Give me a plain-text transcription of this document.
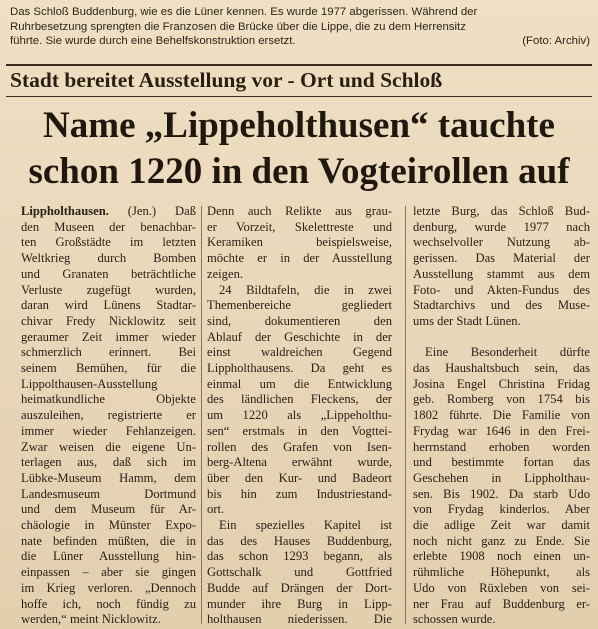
Das Schloß Buddenburg, wie es die Lüner kennen. Es wurde 1977 abgerissen. Während der
Ruhrbesetzung sprengten die Franzosen die Brücke über die Lippe, die zu dem Herrensitz
führte. Sie wurde durch eine Behelfskonstruktion ersetzt.	(Foto: Archiv)
Stadt bereitet Ausstellung vor - Ort und Schloß
Name „Lippeholthusen“ tauchte
schon 1220 in den Vogteirollen auf
Lippholthausen. (Jen.) Daß
den Museen der benachbar-
ten Großstädte im letzten
Weltkrieg durch Bomben
und Granaten beträchtliche
Verluste zugefügt wurden,
daran wird Lünens Stadtar-
chivar Fredy Nicklowitz seit
geraumer Zeit immer wieder
schmerzlich erinnert. Bei
seinem Bemühen, für die
Lippolthausen-Ausstellung
heimatkundliche Objekte
auszuleihen, registrierte er
immer wieder Fehlanzeigen.
Zwar weisen die eigene Un-
terlagen aus, daß sich im
Lübke-Museum Hamm, dem
Landesmuseum Dortmund
und dem Museum für Ar-
chäologie in Münster Expo-
nate befinden müßten, die in
die Lüner Ausstellung hin-
einpassen – aber sie gingen
im Krieg verloren. „Dennoch
hoffe ich, noch fündig zu
werden,“ meint Nicklowitz.
Denn auch Relikte aus grau-
er Vorzeit, Skelettreste und
Keramiken beispielsweise,
möchte er in der Ausstellung
zeigen.
24 Bildtafeln, die in zwei
Themenbereiche gegliedert
sind, dokumentieren den
Ablauf der Geschichte in der
einst waldreichen Gegend
Lippholthausens. Da geht es
einmal um die Entwicklung
des ländlichen Fleckens, der
um 1220 als „Lippeholthu-
sen“ erstmals in den Vogttei-
rollen des Grafen von Isen-
berg-Altena erwähnt wurde,
über den Kur- und Badeort
bis hin zum Industriestand-
ort.
Ein spezielles Kapitel ist
das des Hauses Buddenburg,
das schon 1293 begann, als
Gottschalk und Gottfried
Budde auf Drängen der Dort-
munder ihre Burg in Lipp-
holthausen niederissen. Die
letzte Burg, das Schloß Bud-
denburg, wurde 1977 nach
wechselvoller Nutzung ab-
gerissen. Das Material der
Ausstellung stammt aus dem
Foto- und Akten-Fundus des
Stadtarchivs und des Muse-
ums der Stadt Lünen.
Eine Besonderheit dürfte
das Haushaltsbuch sein, das
Josina Engel Christina Fridag
geb. Romberg von 1754 bis
1802 führte. Die Familie von
Frydag war 1646 in den Frei-
herrnstand erhoben worden
und bestimmte fortan das
Geschehen in Lippholthau-
sen. Bis 1902. Da starb Udo
von Frydag kinderlos. Aber
die adlige Zeit war damit
noch nicht ganz zu Ende. Sie
erlebte 1908 noch einen un-
rühmliche Höhepunkt, als
Udo von Rüxleben von sei-
ner Frau auf Buddenburg er-
schossen wurde.
